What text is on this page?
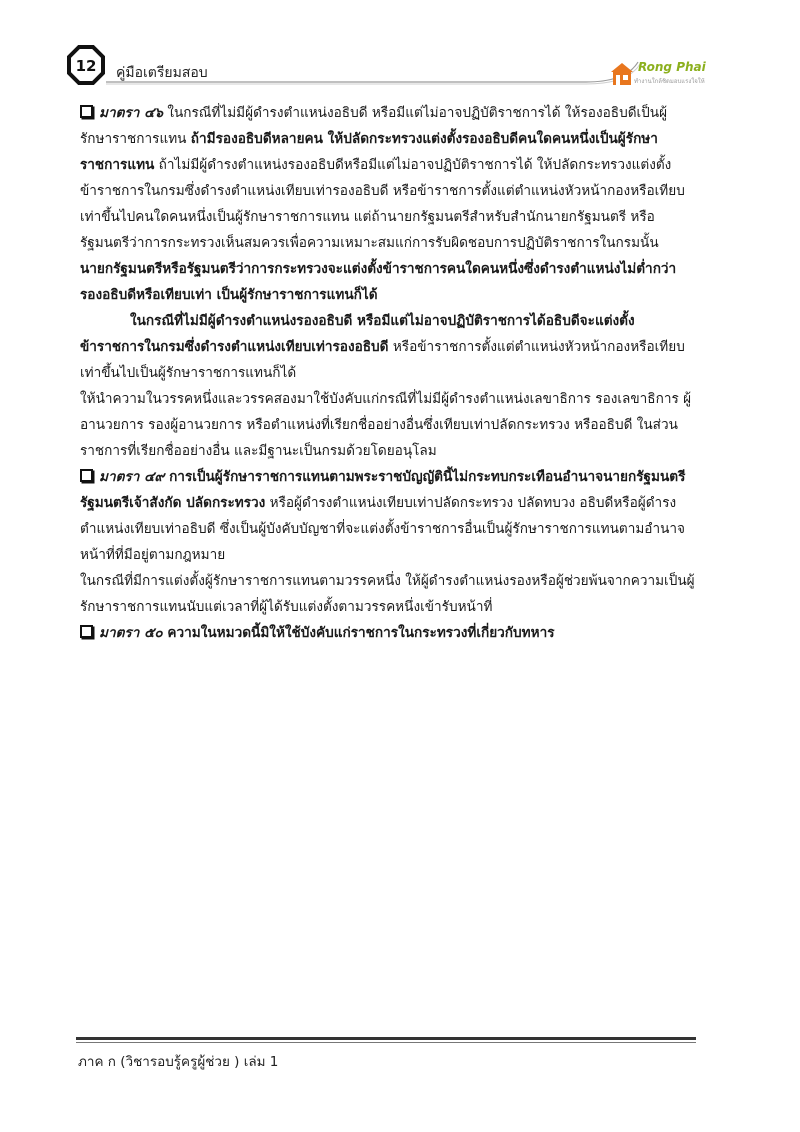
12	คู่มือเตรียมสอบ	Rong Phai
ทำงานใกล้ชิดมอบแรงใจให้

มาตรา ๔๖ ในกรณีที่ไม่มีผู้ดำรงตำแหน่งอธิบดี หรือมีแต่ไม่อาจปฏิบัติราชการได้ ให้รองอธิบดีเป็นผู้รักษาราชการแทน ถ้ามีรองอธิบดีหลายคน ให้ปลัดกระทรวงแต่งตั้งรองอธิบดีคนใดคนหนึ่งเป็นผู้รักษาราชการแทน ถ้าไม่มีผู้ดำรงตำแหน่งรองอธิบดีหรือมีแต่ไม่อาจปฏิบัติราชการได้ ให้ปลัดกระทรวงแต่งตั้งข้าราชการในกรมซึ่งดำรงตำแหน่งเทียบเท่ารองอธิบดี หรือข้าราชการตั้งแต่ตำแหน่งหัวหน้ากองหรือเทียบเท่าขึ้นไปคนใดคนหนึ่งเป็นผู้รักษาราชการแทน แต่ถ้านายกรัฐมนตรีสำหรับสำนักนายกรัฐมนตรี หรือรัฐมนตรีว่าการกระทรวงเห็นสมควรเพื่อความเหมาะสมแก่การรับผิดชอบการปฏิบัติราชการในกรมนั้น นายกรัฐมนตรีหรือรัฐมนตรีว่าการกระทรวงจะแต่งตั้งข้าราชการคนใดคนหนึ่งซึ่งดำรงตำแหน่งไม่ต่ำกว่ารองอธิบดีหรือเทียบเท่า เป็นผู้รักษาราชการแทนก็ได้

ในกรณีที่ไม่มีผู้ดำรงตำแหน่งรองอธิบดี หรือมีแต่ไม่อาจปฏิบัติราชการได้อธิบดีจะแต่งตั้งข้าราชการในกรมซึ่งดำรงตำแหน่งเทียบเท่ารองอธิบดี หรือข้าราชการตั้งแต่ตำแหน่งหัวหน้ากองหรือเทียบเท่าขึ้นไปเป็นผู้รักษาราชการแทนก็ได้

ให้นำความในวรรคหนึ่งและวรรคสองมาใช้บังคับแก่กรณีที่ไม่มีผู้ดำรงตำแหน่งเลขาธิการ รองเลขาธิการ ผู้อานวยการ รองผู้อานวยการ หรือตำแหน่งที่เรียกชื่ออย่างอื่นซึ่งเทียบเท่าปลัดกระทรวง หรืออธิบดี ในส่วนราชการที่เรียกชื่ออย่างอื่น และมีฐานะเป็นกรมด้วยโดยอนุโลม

มาตรา ๔๙ การเป็นผู้รักษาราชการแทนตามพระราชบัญญัตินี้ไม่กระทบกระเทือนอำนาจนายกรัฐมนตรี รัฐมนตรีเจ้าสังกัด ปลัดกระทรวง หรือผู้ดำรงตำแหน่งเทียบเท่าปลัดกระทรวง ปลัดทบวง อธิบดีหรือผู้ดำรงตำแหน่งเทียบเท่าอธิบดี ซึ่งเป็นผู้บังคับบัญชาที่จะแต่งตั้งข้าราชการอื่นเป็นผู้รักษาราชการแทนตามอำนาจหน้าที่ที่มีอยู่ตามกฎหมาย

ในกรณีที่มีการแต่งตั้งผู้รักษาราชการแทนตามวรรคหนึ่ง ให้ผู้ดำรงตำแหน่งรองหรือผู้ช่วยพ้นจากความเป็นผู้รักษาราชการแทนนับแต่เวลาที่ผู้ได้รับแต่งตั้งตามวรรคหนึ่งเข้ารับหน้าที่

มาตรา ๕๐ ความในหมวดนี้มิให้ใช้บังคับแก่ราชการในกระทรวงที่เกี่ยวกับทหาร

ภาค ก (วิชารอบรู้ครูผู้ช่วย ) เล่ม 1
